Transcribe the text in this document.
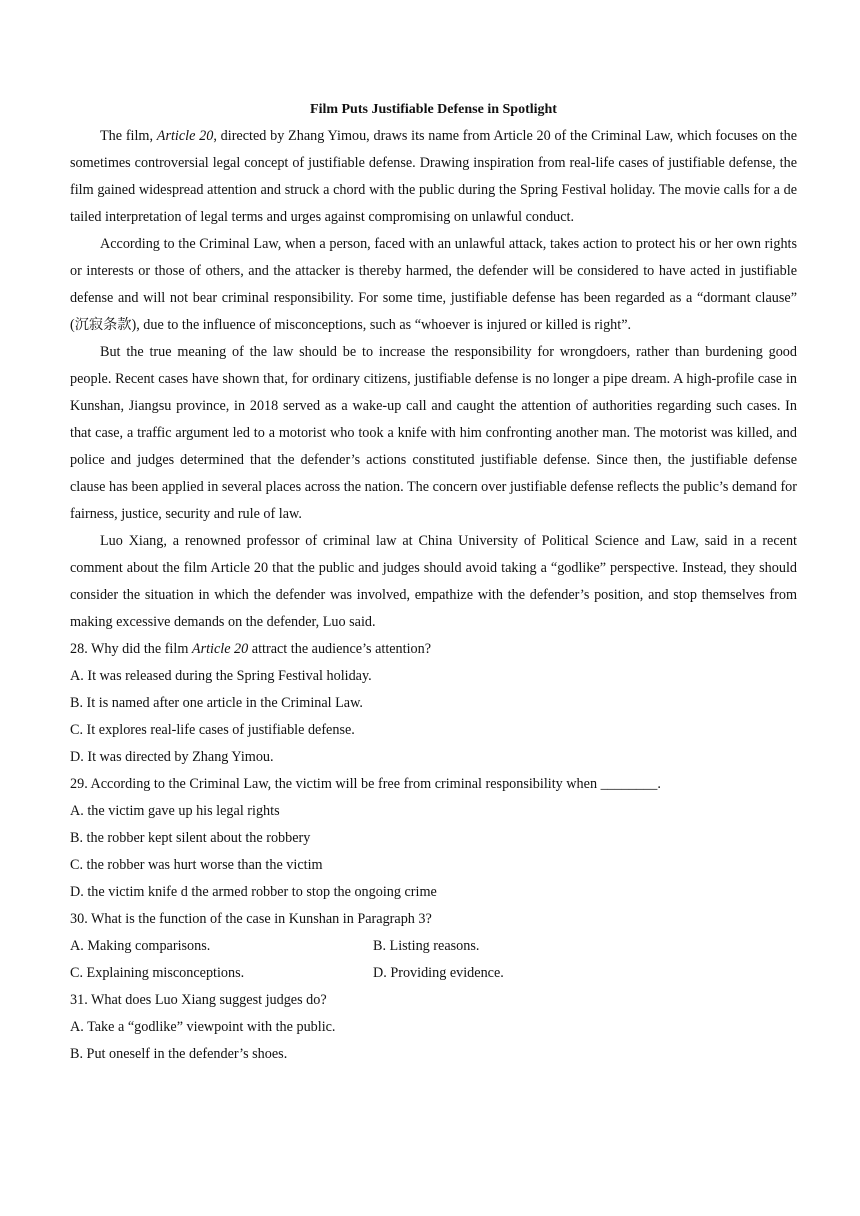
Film Puts Justifiable Defense in Spotlight

The film, Article 20, directed by Zhang Yimou, draws its name from Article 20 of the Criminal Law, which focuses on the sometimes controversial legal concept of justifiable defense. Drawing inspiration from real-life cases of justifiable defense, the film gained widespread attention and struck a chord with the public during the Spring Festival holiday. The movie calls for a de tailed interpretation of legal terms and urges against compromising on unlawful conduct.

According to the Criminal Law, when a person, faced with an unlawful attack, takes action to protect his or her own rights or interests or those of others, and the attacker is thereby harmed, the defender will be considered to have acted in justifiable defense and will not bear criminal responsibility. For some time, justifiable defense has been regarded as a “dormant clause” (沉寂条款), due to the influence of misconceptions, such as “whoever is injured or killed is right”.

But the true meaning of the law should be to increase the responsibility for wrongdoers, rather than burdening good people. Recent cases have shown that, for ordinary citizens, justifiable defense is no longer a pipe dream. A high-profile case in Kunshan, Jiangsu province, in 2018 served as a wake-up call and caught the attention of authorities regarding such cases. In that case, a traffic argument led to a motorist who took a knife with him confronting another man. The motorist was killed, and police and judges determined that the defender’s actions constituted justifiable defense. Since then, the justifiable defense clause has been applied in several places across the nation. The concern over justifiable defense reflects the public’s demand for fairness, justice, security and rule of law.

Luo Xiang, a renowned professor of criminal law at China University of Political Science and Law, said in a recent comment about the film Article 20 that the public and judges should avoid taking a “godlike” perspective. Instead, they should consider the situation in which the defender was involved, empathize with the defender’s position, and stop themselves from making excessive demands on the defender, Luo said.

28. Why did the film Article 20 attract the audience’s attention?

A. It was released during the Spring Festival holiday.

B. It is named after one article in the Criminal Law.

C. It explores real-life cases of justifiable defense.

D. It was directed by Zhang Yimou.

29. According to the Criminal Law, the victim will be free from criminal responsibility when ________.

A. the victim gave up his legal rights

B. the robber kept silent about the robbery

C. the robber was hurt worse than the victim

D. the victim knife d the armed robber to stop the ongoing crime

30. What is the function of the case in Kunshan in Paragraph 3?

A. Making comparisons.	B. Listing reasons.

C. Explaining misconceptions.	D. Providing evidence.

31. What does Luo Xiang suggest judges do?

A. Take a “godlike” viewpoint with the public.

B. Put oneself in the defender’s shoes.
